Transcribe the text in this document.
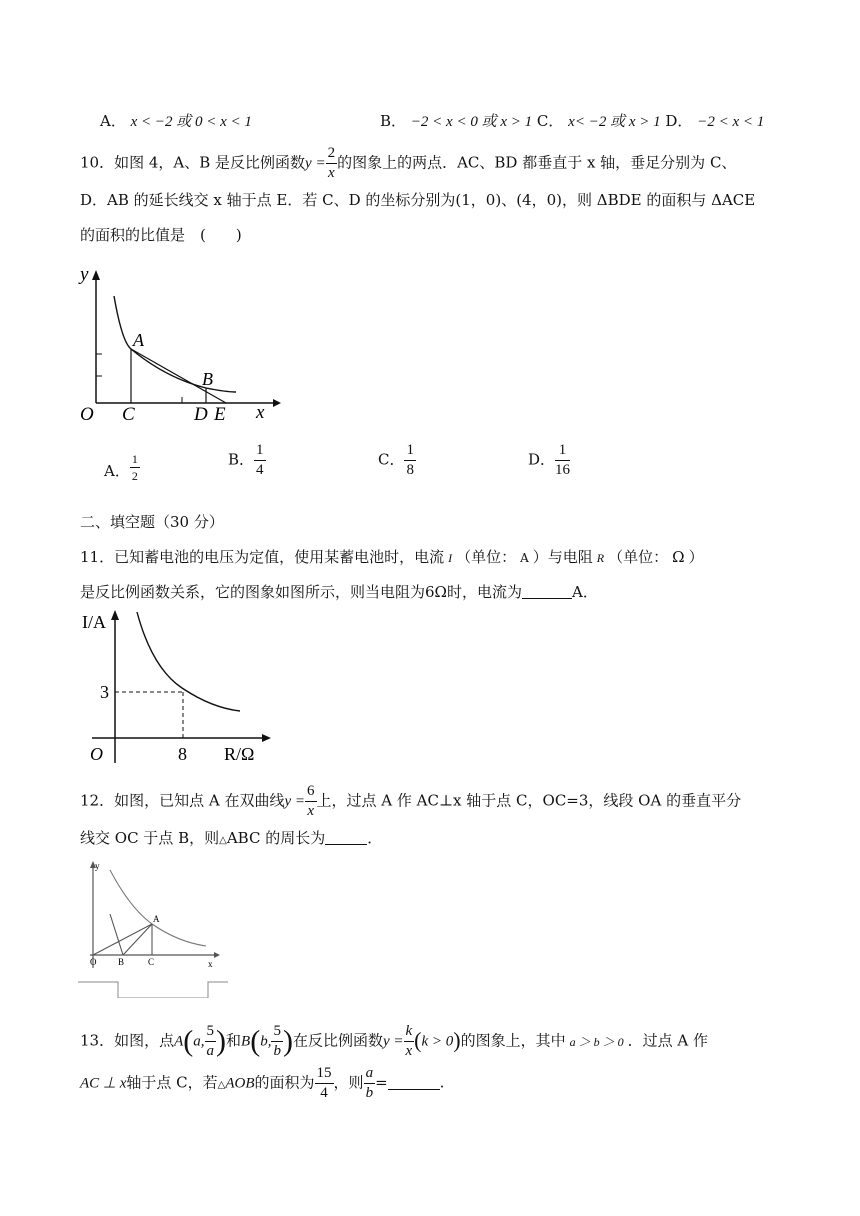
A． x < −2 或 0 < x < 1	B． −2 < x < 0 或 x > 1 C． x< −2 或 x > 1 D． −2 < x < 1
10．如图 4，A、B 是反比例函数$y = \frac{2}{x}$ 的图象上的两点．AC、BD 都垂直于 x 轴，垂足分别为 C、
D．AB 的延长线交 x 轴于点 E．若 C、D 的坐标分别为(1，0)、(4，0)，则 ΔBDE 的面积与 ΔACE
的面积的比值是　(　　)
y
x
A
B
O C	D E
A． $\frac{1}{2}$	B． $\frac{1}{4}$	C． $\frac{1}{8}$	D． $\frac{1}{16}$
二、填空题（30 分）
11．已知蓄电池的电压为定值，使用某蓄电池时，电流 I （单位： A ）与电阻 R （单位： Ω ）
是反比例函数关系，它的图象如图所示，则当电阻为6Ω时，电流为	A．
I/A
R/Ω
O
3
8
12．如图，已知点 A 在双曲线$y = \frac{6}{x}$ 上，过点 A 作 AC⊥x 轴于点 C，OC=3，线段 OA 的垂直平分
线交 OC 于点 B，则△ABC 的周长为	．
y
x
A
O B	C
13．如图，点A(a, $\frac{5}{a}$ )和B(b, $\frac{5}{b}$ )在反比例函数$y = \frac{k}{x} (k > 0)$的图象上，其中 a ＞ b ＞ 0 ．过点 A 作
AC ⊥ x轴于点 C，若△AOB的面积为 $\frac{15}{4}$ ，则 $\frac{a}{b}$ =	.
